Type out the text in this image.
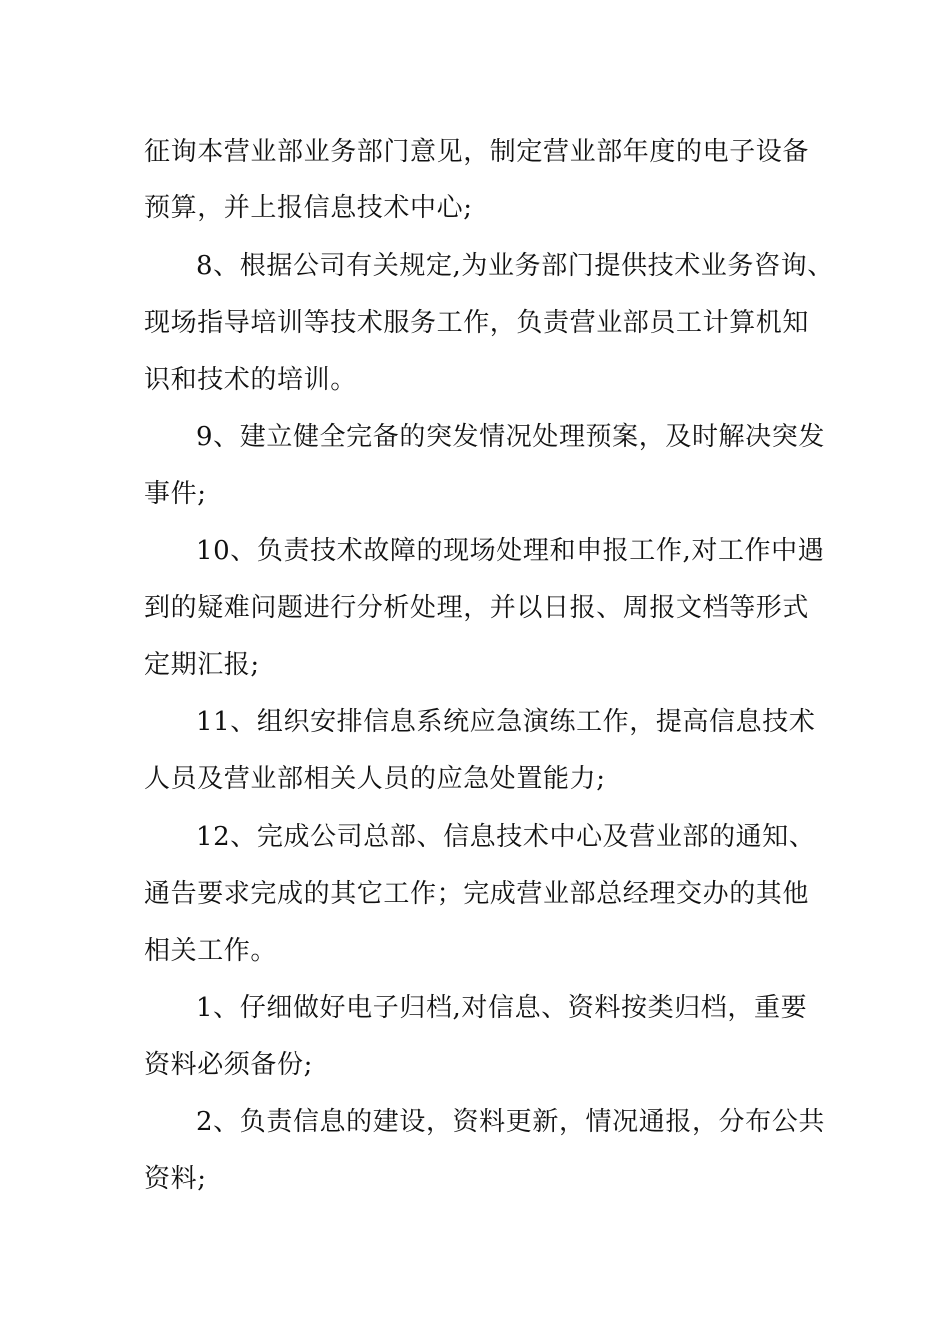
征询本营业部业务部门意见，制定营业部年度的电子设备
预算，并上报信息技术中心;
8、根据公司有关规定,为业务部门提供技术业务咨询、
现场指导培训等技术服务工作，负责营业部员工计算机知
识和技术的培训。
9、建立健全完备的突发情况处理预案，及时解决突发
事件;
10、负责技术故障的现场处理和申报工作,对工作中遇
到的疑难问题进行分析处理，并以日报、周报文档等形式
定期汇报;
11、组织安排信息系统应急演练工作，提高信息技术
人员及营业部相关人员的应急处置能力;
12、完成公司总部、信息技术中心及营业部的通知、
通告要求完成的其它工作；完成营业部总经理交办的其他
相关工作。
1、仔细做好电子归档,对信息、资料按类归档，重要
资料必须备份;
2、负责信息的建设，资料更新，情况通报，分布公共
资料;
